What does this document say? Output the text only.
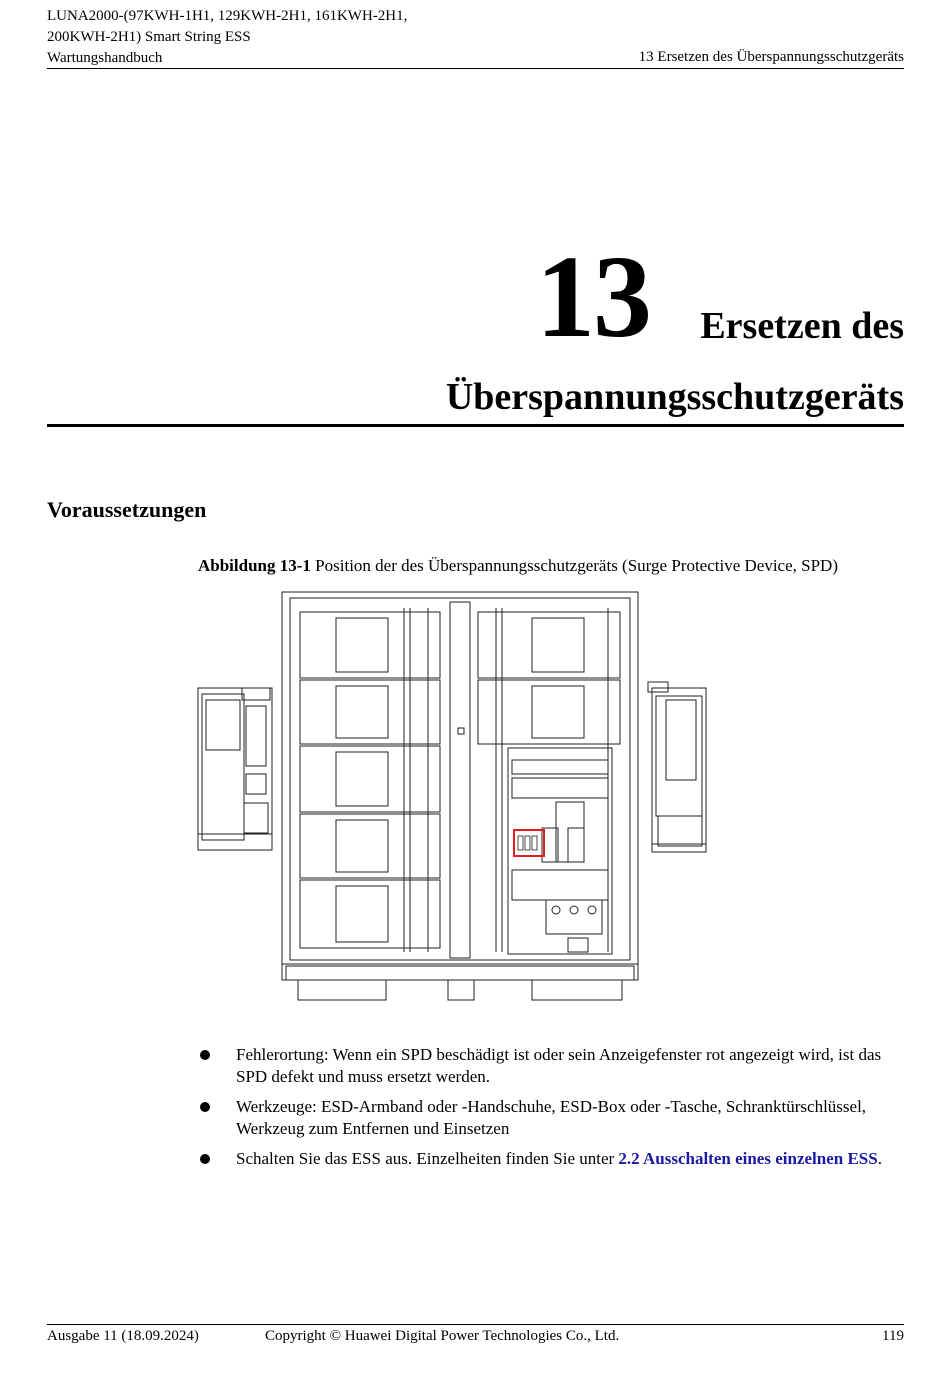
LUNA2000-(97KWH-1H1, 129KWH-2H1, 161KWH-2H1,
200KWH-2H1) Smart String ESS
Wartungshandbuch	13 Ersetzen des Überspannungsschutzgeräts
13 Ersetzen des
Überspannungsschutzgeräts
Voraussetzungen
Abbildung 13-1 Position der des Überspannungsschutzgeräts (Surge Protective Device, SPD)
Fehlerortung: Wenn ein SPD beschädigt ist oder sein Anzeigefenster rot angezeigt wird, ist das SPD defekt und muss ersetzt werden.
Werkzeuge: ESD-Armband oder -Handschuhe, ESD-Box oder -Tasche, Schranktürschlüssel, Werkzeug zum Entfernen und Einsetzen
Schalten Sie das ESS aus. Einzelheiten finden Sie unter 2.2 Ausschalten eines einzelnen ESS.
Ausgabe 11 (18.09.2024)	Copyright © Huawei Digital Power Technologies Co., Ltd.	119
